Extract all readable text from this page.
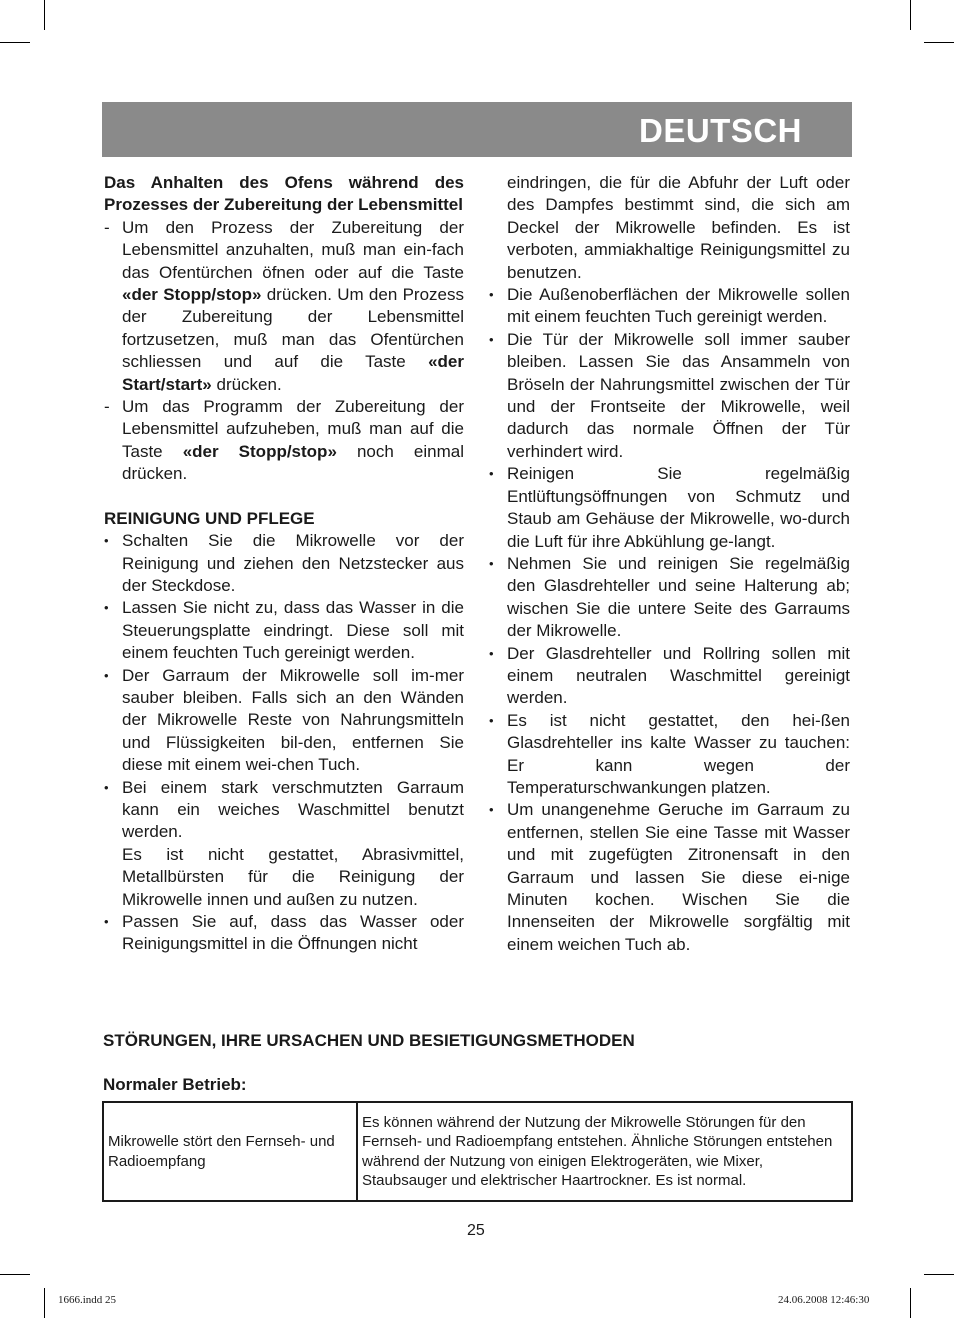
DEUTSCH
Das Anhalten des Ofens während des Prozesses der Zubereitung der Lebensmittel
- Um den Prozess der Zubereitung der Lebensmittel anzuhalten, muß man ein-fach das Ofentürchen öfnen oder auf die Taste «der Stopp/stop» drücken. Um den Prozess der Zubereitung der Lebensmittel fortzusetzen, muß man das Ofentürchen schliessen und auf die Taste «der Start/start» drücken.
- Um das Programm der Zubereitung der Lebensmittel aufzuheben, muß man auf die Taste «der Stopp/stop» noch einmal drücken.
REINIGUNG UND PFLEGE
• Schalten Sie die Mikrowelle vor der Reinigung und ziehen den Netzstecker aus der Steckdose.
• Lassen Sie nicht zu, dass das Wasser in die Steuerungsplatte eindringt. Diese soll mit einem feuchten Tuch gereinigt werden.
• Der Garraum der Mikrowelle soll im-mer sauber bleiben. Falls sich an den Wänden der Mikrowelle Reste von Nahrungsmitteln und Flüssigkeiten bil-den, entfernen Sie diese mit einem wei-chen Tuch.
• Bei einem stark verschmutzten Garraum kann ein weiches Waschmittel benutzt werden.
Es ist nicht gestattet, Abrasivmittel, Metallbürsten für die Reinigung der Mikrowelle innen und außen zu nutzen.
• Passen Sie auf, dass das Wasser oder Reinigungsmittel in die Öffnungen nicht
eindringen, die für die Abfuhr der Luft oder des Dampfes bestimmt sind, die sich am Deckel der Mikrowelle befinden. Es ist verboten, ammiakhaltige Reinigungsmittel zu benutzen.
• Die Außenoberflächen der Mikrowelle sollen mit einem feuchten Tuch gereinigt werden.
• Die Tür der Mikrowelle soll immer sauber bleiben. Lassen Sie das Ansammeln von Bröseln der Nahrungsmittel zwischen der Tür und der Frontseite der Mikrowelle, weil dadurch das normale Öffnen der Tür verhindert wird.
• Reinigen Sie regelmäßig Entlüftungsöffnungen von Schmutz und Staub am Gehäuse der Mikrowelle, wo-durch die Luft für ihre Abkühlung ge-langt.
• Nehmen Sie und reinigen Sie regelmäßig den Glasdrehteller und seine Halterung ab; wischen Sie die untere Seite des Garraums der Mikrowelle.
• Der Glasdrehteller und Rollring sollen mit einem neutralen Waschmittel gereinigt werden.
• Es ist nicht gestattet, den hei-ßen Glasdrehteller ins kalte Wasser zu tauchen: Er kann wegen der Temperaturschwankungen platzen.
• Um unangenehme Geruche im Garraum zu entfernen, stellen Sie eine Tasse mit Wasser und mit zugefügten Zitronensaft in den Garraum und lassen Sie diese ei-nige Minuten kochen. Wischen Sie die Innenseiten der Mikrowelle sorgfältig mit einem weichen Tuch ab.
STÖRUNGEN, IHRE URSACHEN UND BESIETIGUNGSMETHODEN
Normaler Betrieb:
Mikrowelle stört den Fernseh- und Radioempfang	Es können während der Nutzung der Mikrowelle Störungen für den Fernseh- und Radioempfang entstehen. Ähnliche Störungen entstehen während der Nutzung von einigen Elektrogeräten, wie Mixer, Staubsauger und elektrischer Haartrockner. Es ist normal.
25
1666.indd 25	24.06.2008 12:46:30
